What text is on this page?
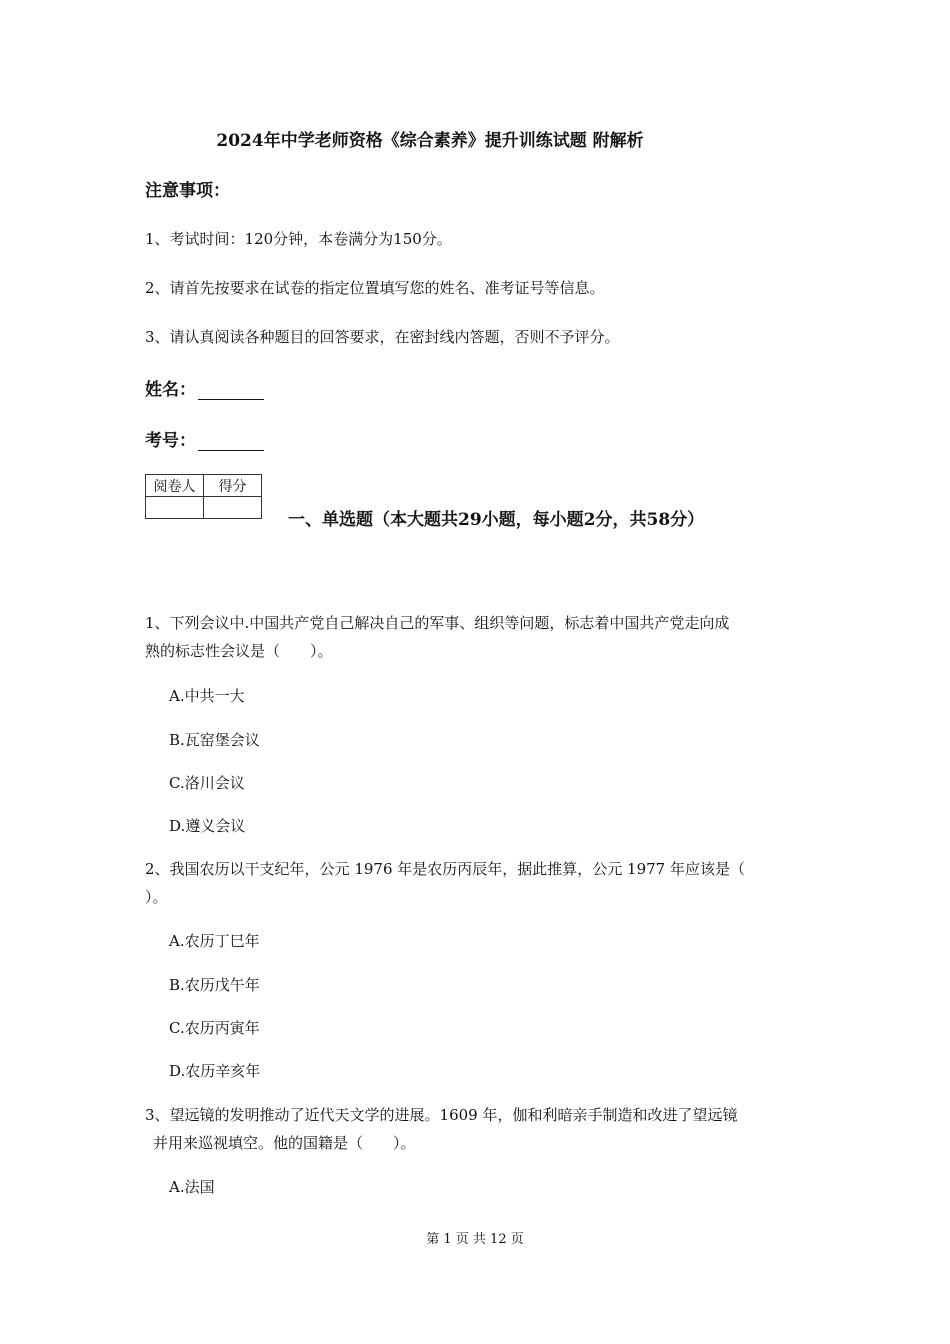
2024年中学老师资格《综合素养》提升训练试题 附解析
注意事项：
1、考试时间：120分钟，本卷满分为150分。
2、请首先按要求在试卷的指定位置填写您的姓名、准考证号等信息。
3、请认真阅读各种题目的回答要求，在密封线内答题，否则不予评分。
姓名：
考号：
阅卷人	得分

一、单选题（本大题共29小题，每小题2分，共58分）
1、下列会议中.中国共产党自己解决自己的军事、组织等问题，标志着中国共产党走向成
熟的标志性会议是（　　）。
A.中共一大
B.瓦窑堡会议
C.洛川会议
D.遵义会议
2、我国农历以干支纪年，公元 1976 年是农历丙辰年，据此推算，公元 1977 年应该是（
）。
A.农历丁巳年
B.农历戊午年
C.农历丙寅年
D.农历辛亥年
3、望远镜的发明推动了近代天文学的进展。1609 年，伽和利暗亲手制造和改进了望远镜
并用来巡视填空。他的国籍是（　　）。
A.法国
第 1 页 共 12 页
